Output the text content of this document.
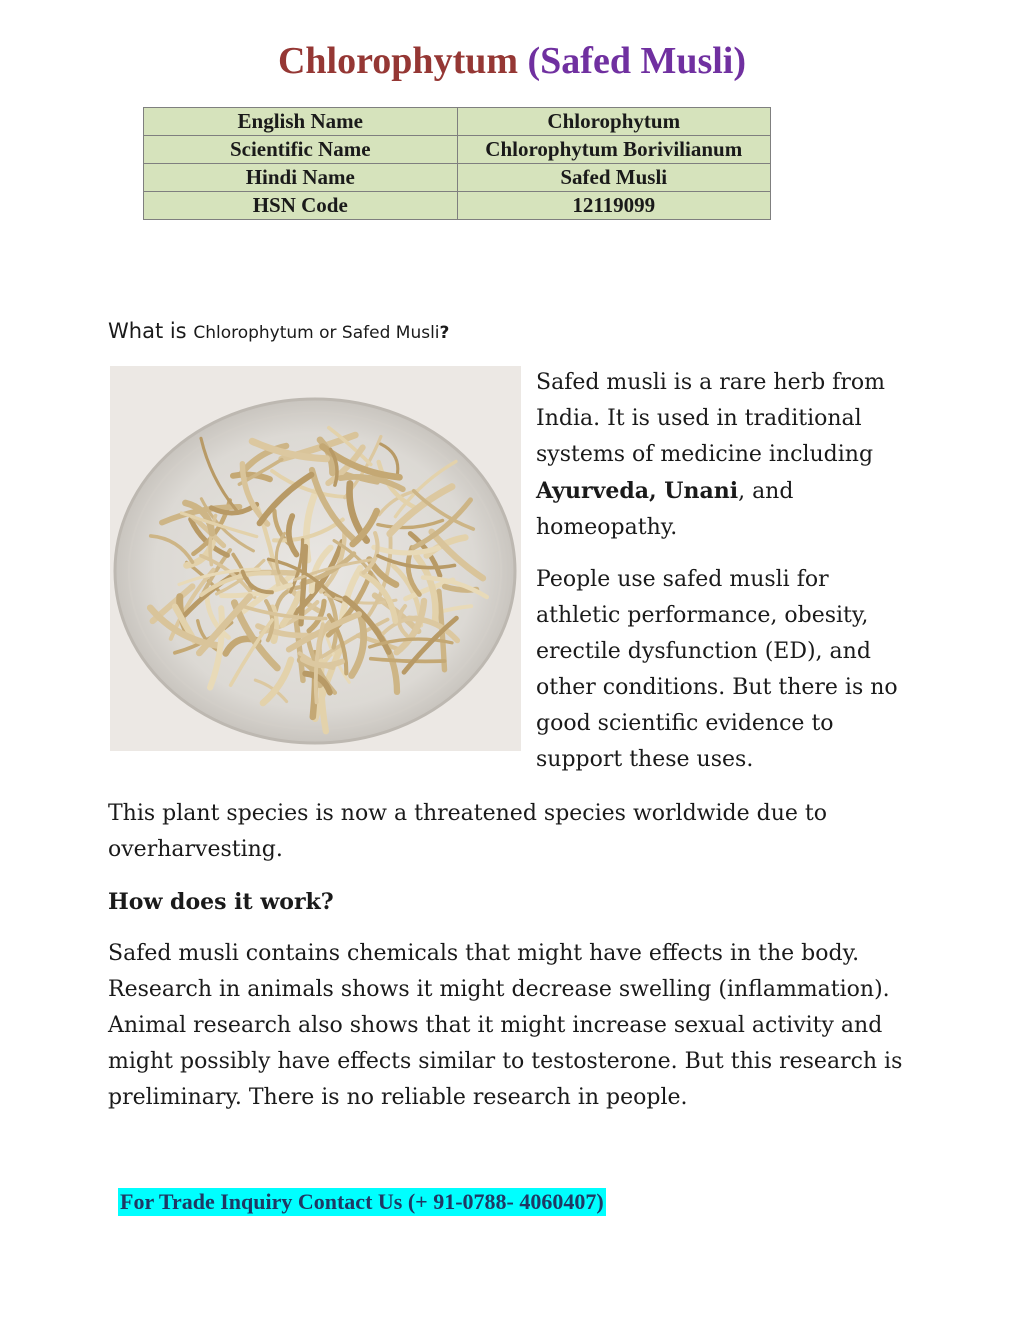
Chlorophytum (Safed Musli)
English Name	Chlorophytum
Scientific Name	Chlorophytum Borivilianum
Hindi Name	Safed Musli
HSN Code	12119099
What is Chlorophytum or Safed Musli?

Safed musli is a rare herb from India. It is used in traditional systems of medicine including Ayurveda, Unani, and homeopathy.

People use safed musli for athletic performance, obesity, erectile dysfunction (ED), and other conditions. But there is no good scientific evidence to support these uses.

This plant species is now a threatened species worldwide due to overharvesting.

How does it work?

Safed musli contains chemicals that might have effects in the body. Research in animals shows it might decrease swelling (inflammation). Animal research also shows that it might increase sexual activity and might possibly have effects similar to testosterone. But this research is preliminary. There is no reliable research in people.

For Trade Inquiry Contact Us (+ 91-0788- 4060407)
